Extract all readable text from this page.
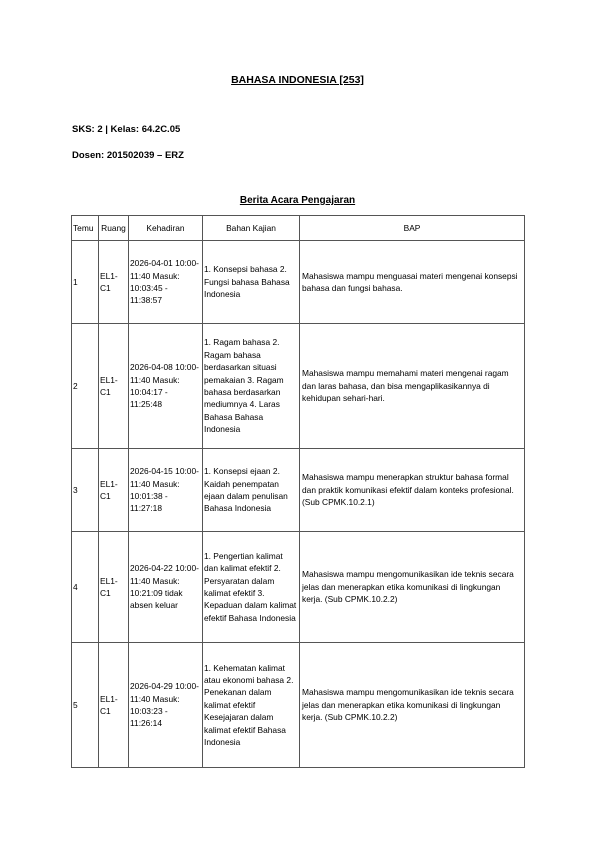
BAHASA INDONESIA [253]
SKS: 2 | Kelas: 64.2C.05
Dosen: 201502039 – ERZ
Berita Acara Pengajaran
Temu	Ruang	Kehadiran	Bahan Kajian	BAP
1	EL1-C1	2026-04-01 10:00-11:40 Masuk: 10:03:45 - 11:38:57	1. Konsepsi bahasa 2. Fungsi bahasa Bahasa Indonesia	Mahasiswa mampu menguasai materi mengenai konsepsi bahasa dan fungsi bahasa.
2	EL1-C1	2026-04-08 10:00-11:40 Masuk: 10:04:17 - 11:25:48	1. Ragam bahasa 2. Ragam bahasa berdasarkan situasi pemakaian 3. Ragam bahasa berdasarkan mediumnya 4. Laras Bahasa Bahasa Indonesia	Mahasiswa mampu memahami materi mengenai ragam dan laras bahasa, dan bisa mengaplikasikannya di kehidupan sehari-hari.
3	EL1-C1	2026-04-15 10:00-11:40 Masuk: 10:01:38 - 11:27:18	1. Konsepsi ejaan 2. Kaidah penempatan ejaan dalam penulisan Bahasa Indonesia	Mahasiswa mampu menerapkan struktur bahasa formal dan praktik komunikasi efektif dalam konteks profesional. (Sub CPMK.10.2.1)
4	EL1-C1	2026-04-22 10:00-11:40 Masuk: 10:21:09 tidak absen keluar	1. Pengertian kalimat dan kalimat efektif 2. Persyaratan dalam kalimat efektif 3. Kepaduan dalam kalimat efektif Bahasa Indonesia	Mahasiswa mampu mengomunikasikan ide teknis secara jelas dan menerapkan etika komunikasi di lingkungan kerja. (Sub CPMK.10.2.2)
5	EL1-C1	2026-04-29 10:00-11:40 Masuk: 10:03:23 - 11:26:14	1. Kehematan kalimat atau ekonomi bahasa 2. Penekanan dalam kalimat efektif Kesejajaran dalam kalimat efektif Bahasa Indonesia	Mahasiswa mampu mengomunikasikan ide teknis secara jelas dan menerapkan etika komunikasi di lingkungan kerja. (Sub CPMK.10.2.2)
